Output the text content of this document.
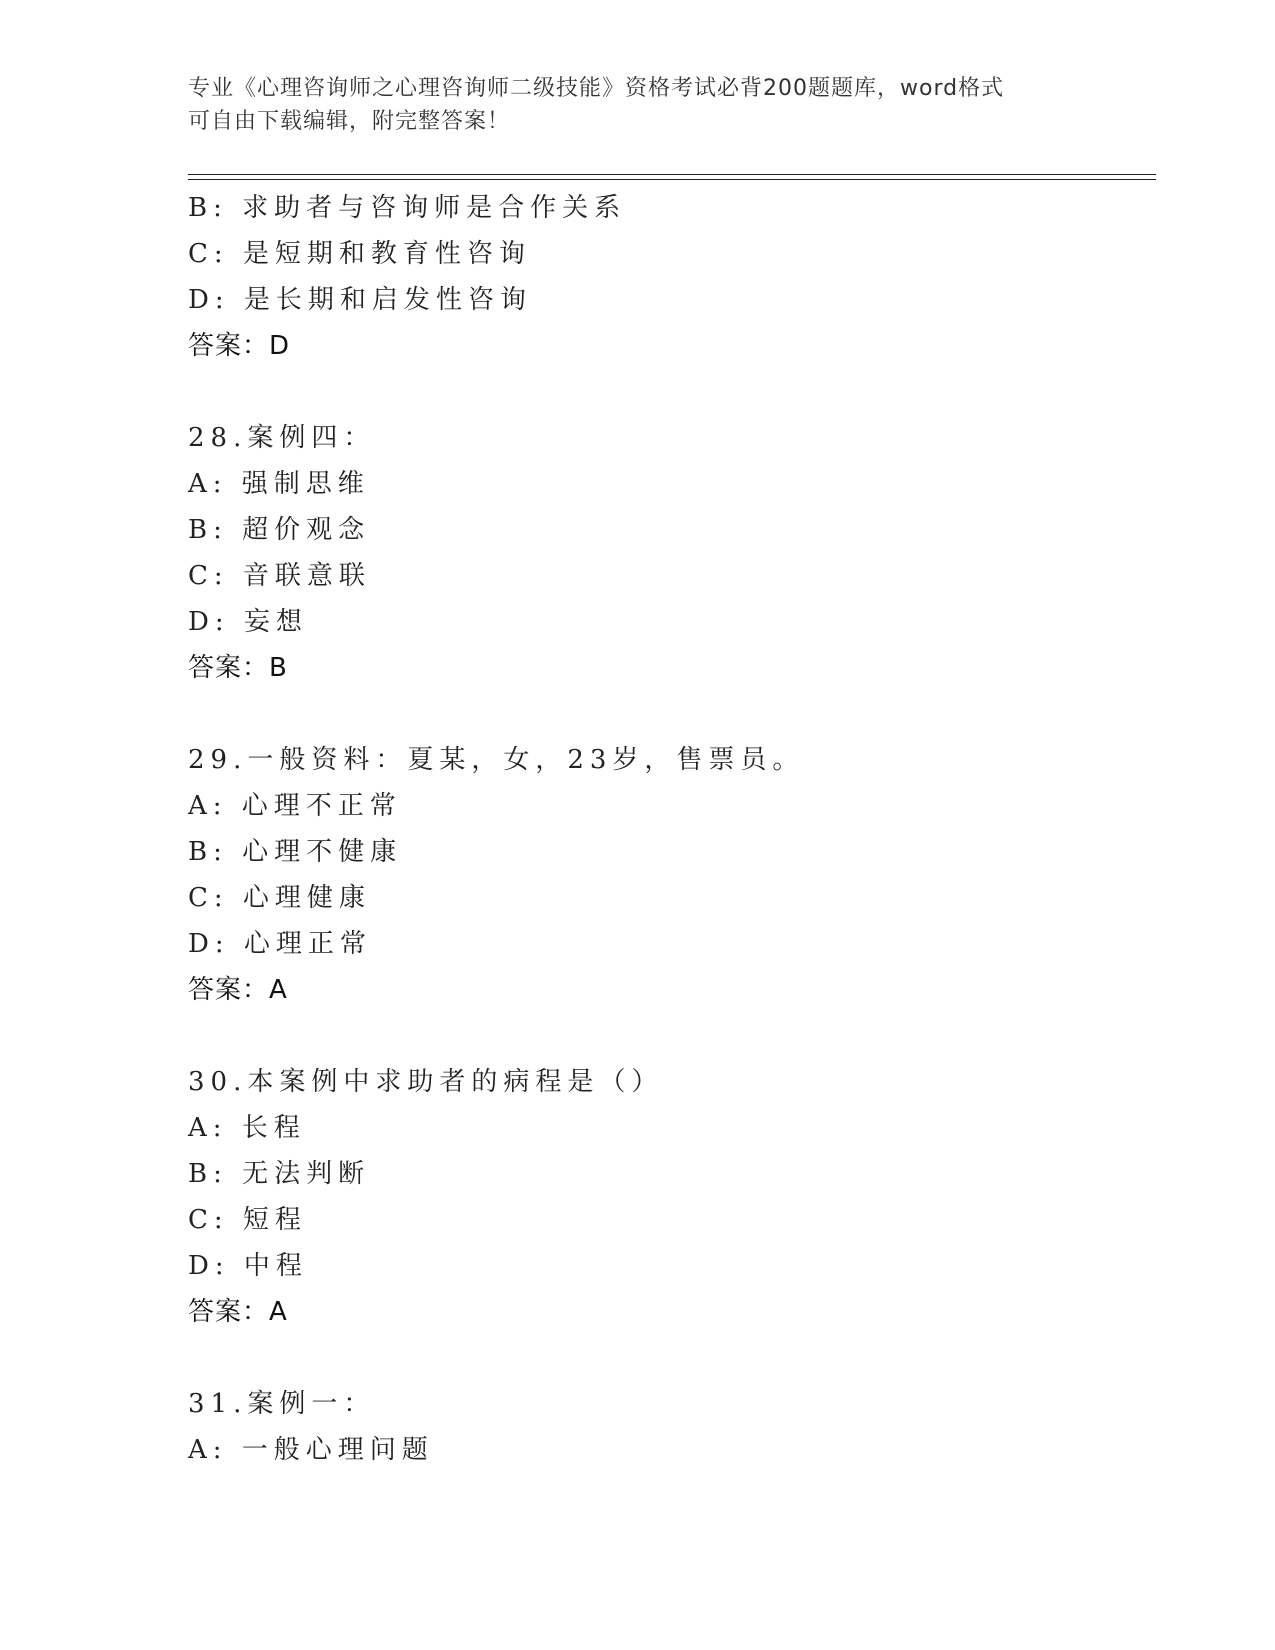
专业《心理咨询师之心理咨询师二级技能》资格考试必背200题题库，word格式
可自由下载编辑，附完整答案！
B: 求助者与咨询师是合作关系
C: 是短期和教育性咨询
D: 是长期和启发性咨询
答案：D
28.案例四：
A: 强制思维
B: 超价观念
C: 音联意联
D: 妄想
答案：B
29.一般资料：夏某，女，23岁，售票员。
A: 心理不正常
B: 心理不健康
C: 心理健康
D: 心理正常
答案：A
30.本案例中求助者的病程是（）
A: 长程
B: 无法判断
C: 短程
D: 中程
答案：A
31.案例一：
A: 一般心理问题
